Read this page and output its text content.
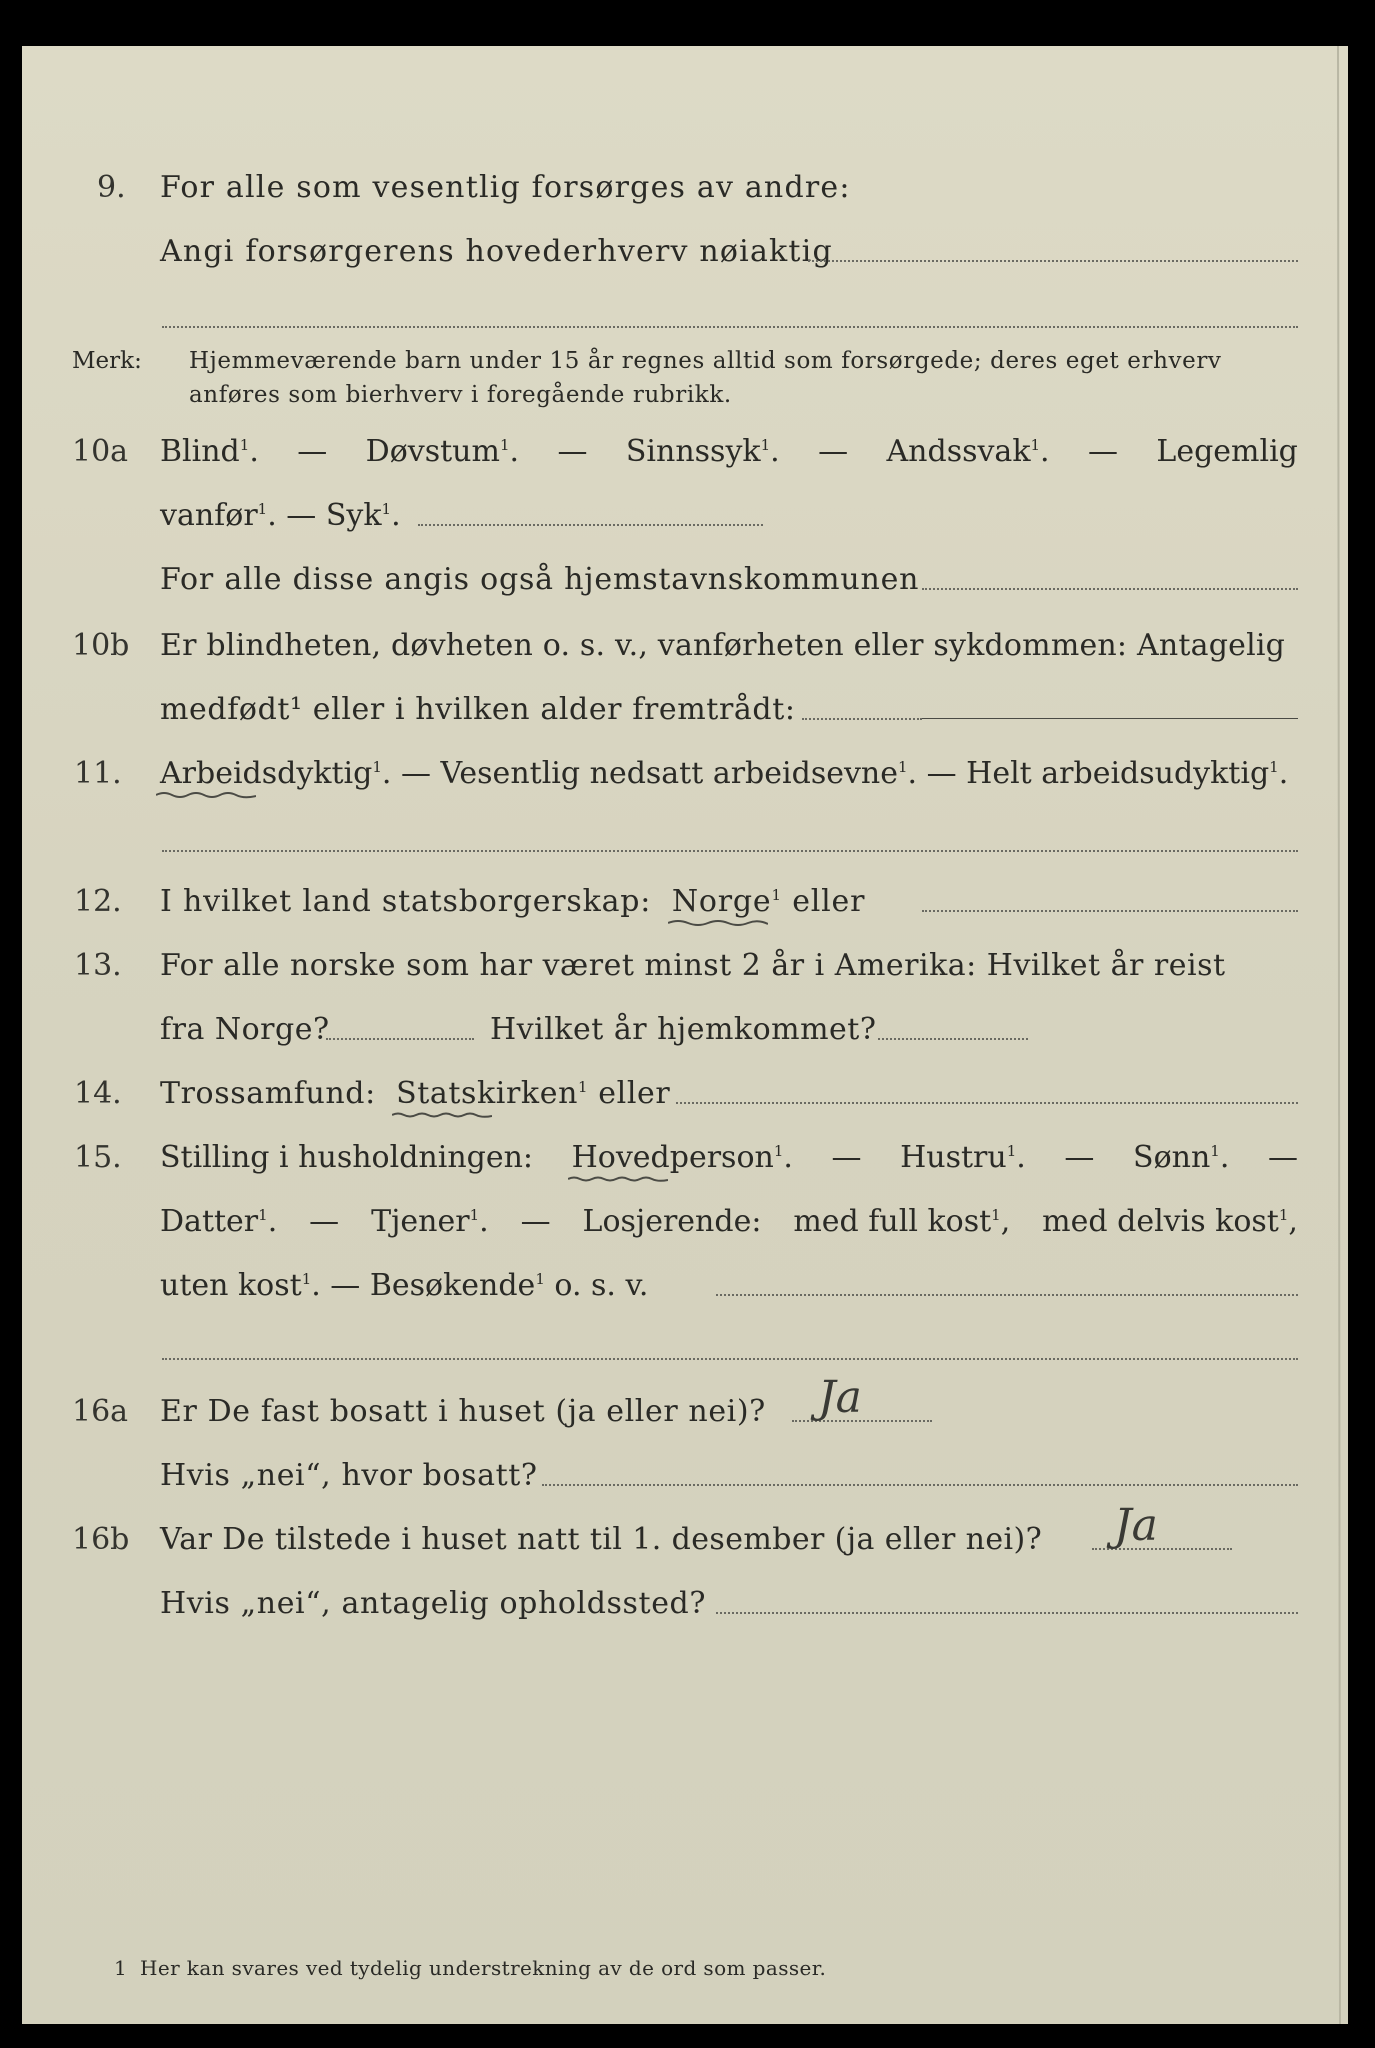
9. For alle som vesentlig forsørges av andre:
Angi forsørgerens hovederhverv nøiaktig
Merk: Hjemmeværende barn under 15 år regnes alltid som forsørgede; deres eget erhverv
anføres som bierhverv i foregående rubrikk.
10a Blind$^1$. — Døvstum$^1$. — Sinnssyk$^1$. — Andssvak$^1$. — Legemlig
vanfør$^1$. — Syk$^1$.
For alle disse angis også hjemstavnskommunen
10b Er blindheten, døvheten o. s. v., vanførheten eller sykdommen: Antagelig
medfødt¹ eller i hvilken alder fremtrådt:
11. Arbeidsdyktig
$^1$. — Vesentlig nedsatt arbeidsevne$^1$. — Helt arbeidsudyktig$^1$.
12. I hvilket land statsborgerskap: Norge
$^1$ eller
13. For alle norske som har været minst 2 år i Amerika: Hvilket år reist
fra Norge?	Hvilket år hjemkommet?
14. Trossamfund: Statskirken
$^1$ eller
15. Stilling i husholdningen: Hovedperson
$^1$. — Hustru$^1$. — Sønn$^1$. —
Datter$^1$. — Tjener$^1$. — Losjerende: med full kost$^1$, med delvis kost$^1$,
uten kost$^1$. — Besøkende$^1$ o. s. v.
16a Er De fast bosatt i huset (ja eller nei)? Ja
Hvis „nei“, hvor bosatt?
16b Var De tilstede i huset natt til 1. desember (ja eller nei)? Ja
Hvis „nei“, antagelig opholdssted?
1 Her kan svares ved tydelig understrekning av de ord som passer.
